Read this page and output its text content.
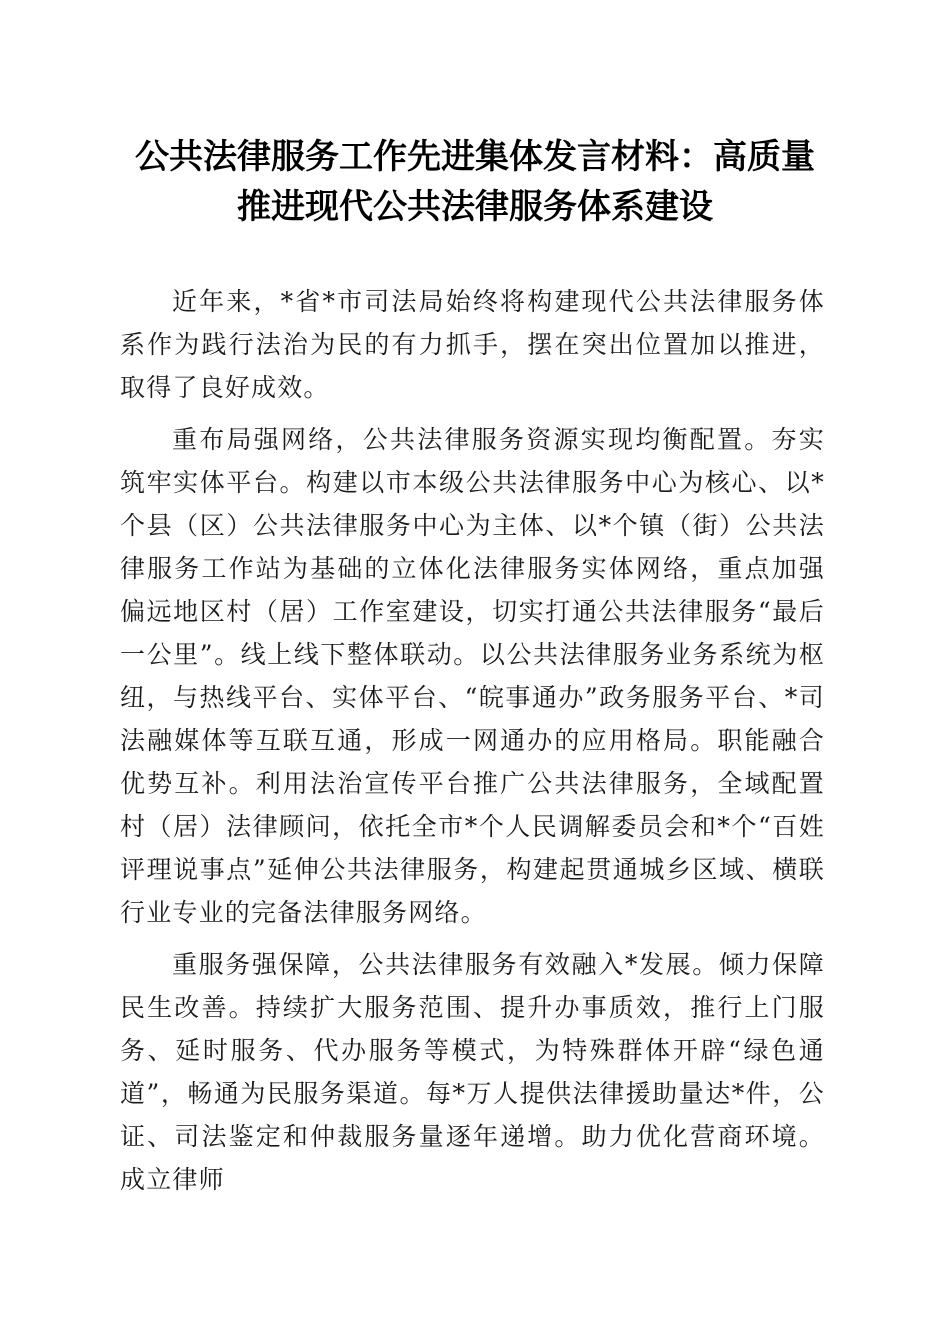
公共法律服务工作先进集体发言材料：高质量
推进现代公共法律服务体系建设

近年来，*省*市司法局始终将构建现代公共法律服务体系作为践行法治为民的有力抓手，摆在突出位置加以推进，取得了良好成效。

重布局强网络，公共法律服务资源实现均衡配置。夯实筑牢实体平台。构建以市本级公共法律服务中心为核心、以*个县（区）公共法律服务中心为主体、以*个镇（街）公共法律服务工作站为基础的立体化法律服务实体网络，重点加强偏远地区村（居）工作室建设，切实打通公共法律服务“最后一公里”。线上线下整体联动。以公共法律服务业务系统为枢纽，与热线平台、实体平台、“皖事通办”政务服务平台、*司法融媒体等互联互通，形成一网通办的应用格局。职能融合优势互补。利用法治宣传平台推广公共法律服务，全域配置村（居）法律顾问，依托全市*个人民调解委员会和*个“百姓评理说事点”延伸公共法律服务，构建起贯通城乡区域、横联行业专业的完备法律服务网络。

重服务强保障，公共法律服务有效融入*发展。倾力保障民生改善。持续扩大服务范围、提升办事质效，推行上门服务、延时服务、代办服务等模式，为特殊群体开辟“绿色通道”，畅通为民服务渠道。每*万人提供法律援助量达*件，公证、司法鉴定和仲裁服务量逐年递增。助力优化营商环境。成立律师
